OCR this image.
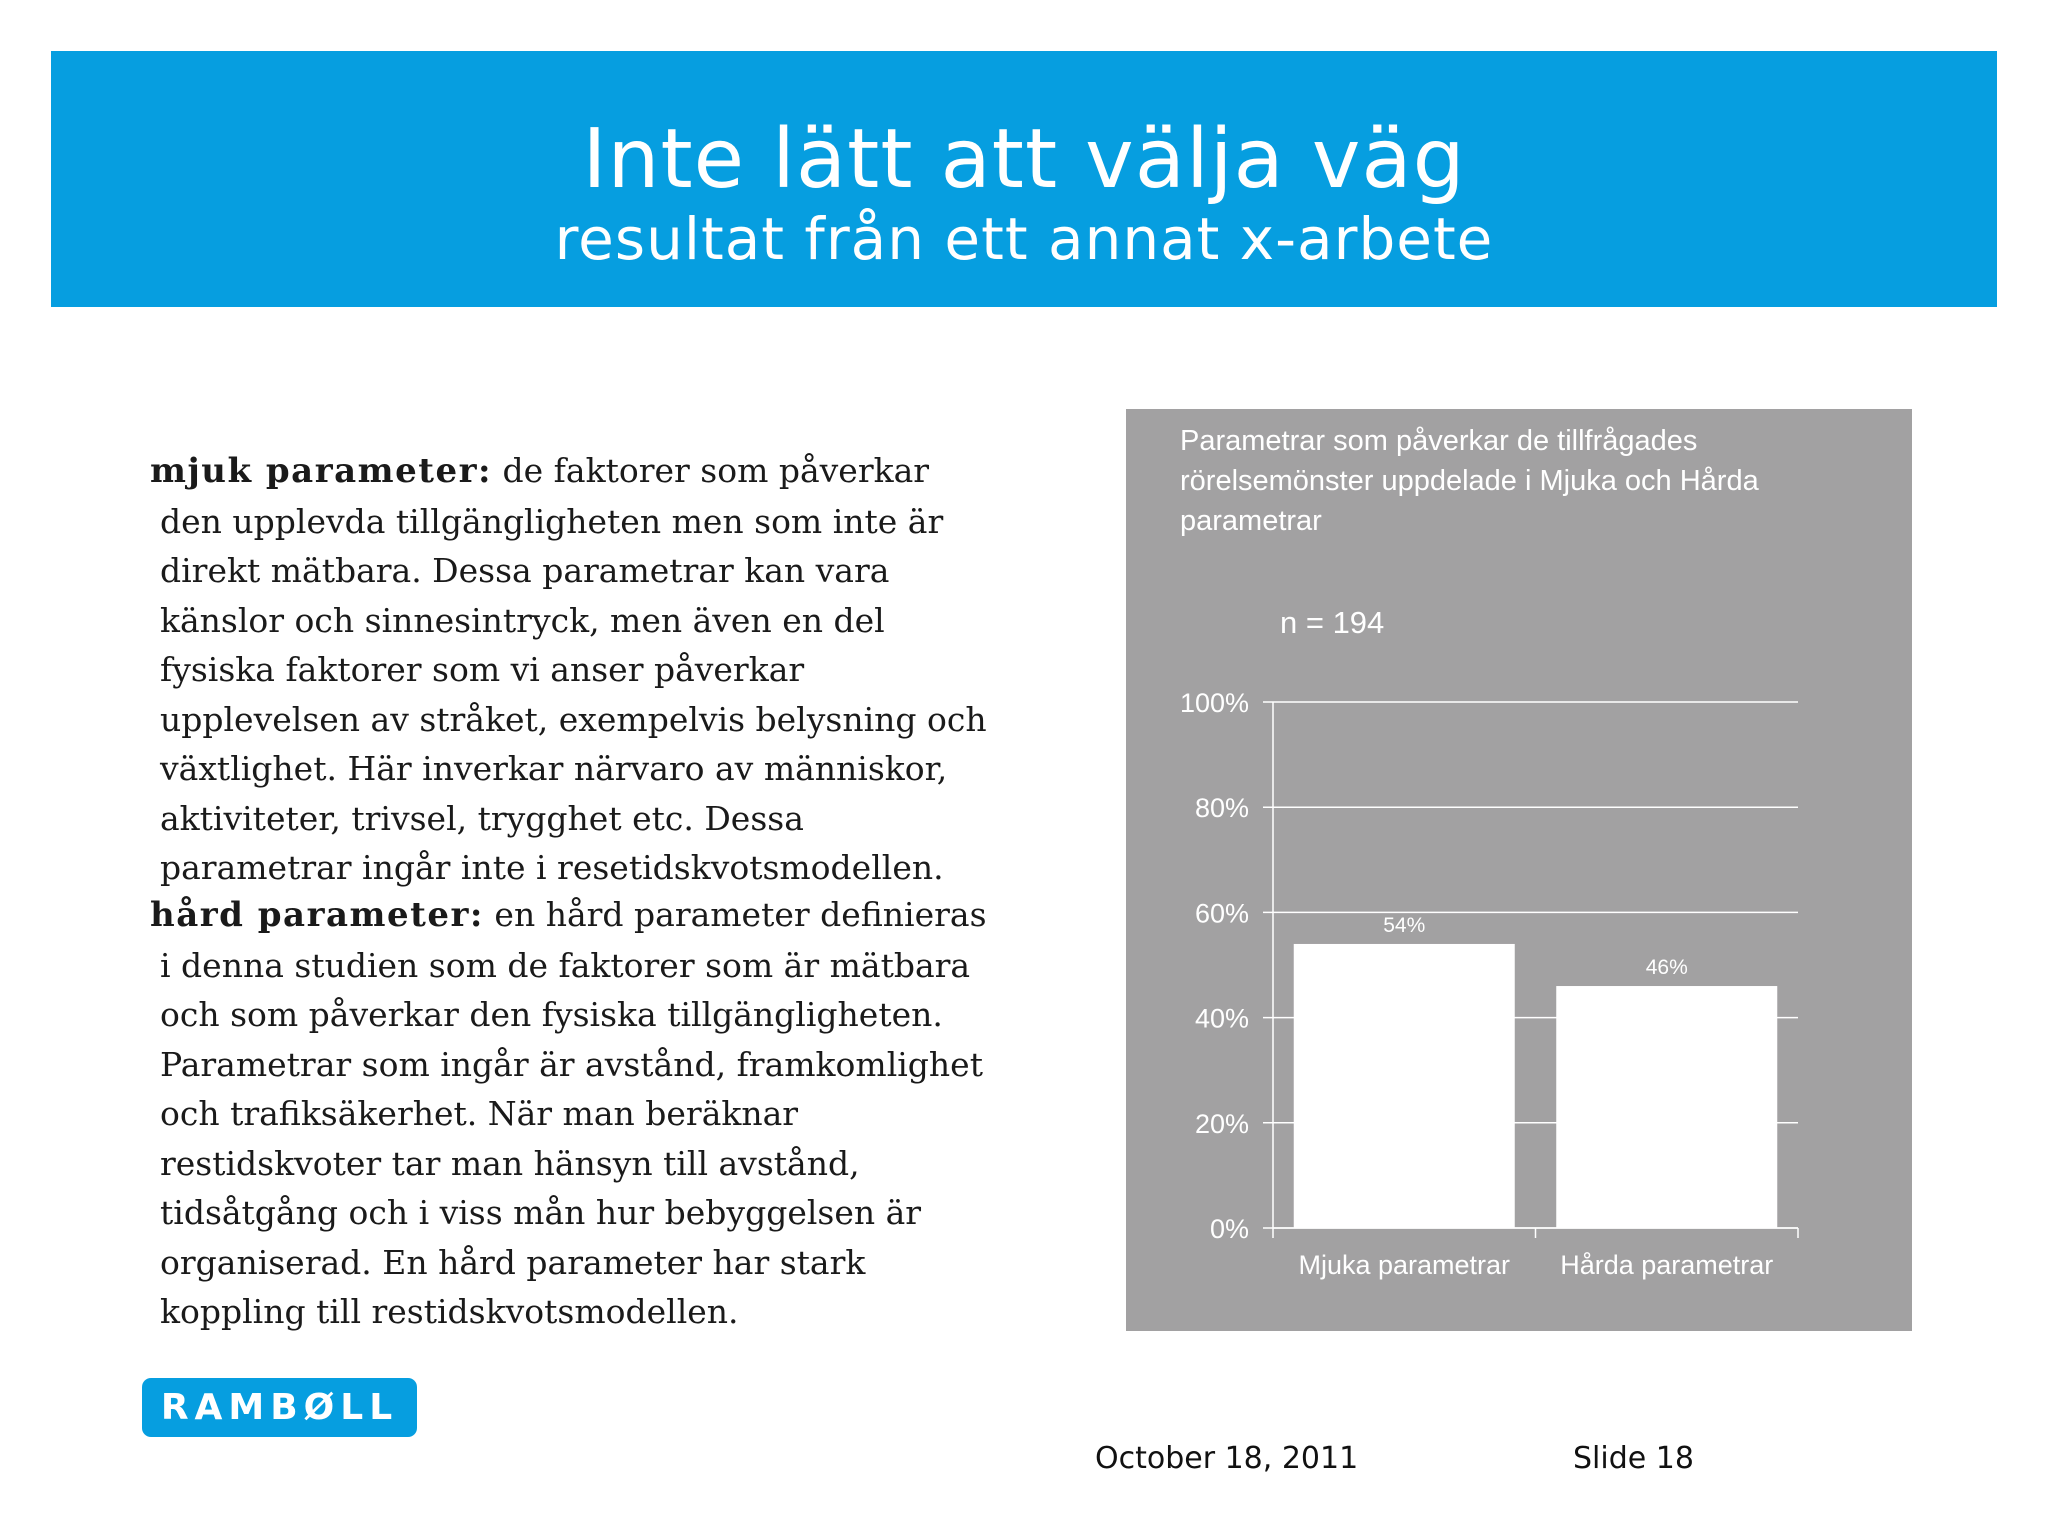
Inte lätt att välja väg
resultat från ett annat x-arbete

mjuk parameter: de faktorer som påverkar den upplevda tillgängligheten men som inte är direkt mätbara. Dessa parametrar kan vara känslor och sinnesintryck, men även en del fysiska faktorer som vi anser påverkar upplevelsen av stråket, exempelvis belysning och växtlighet. Här inverkar närvaro av människor, aktiviteter, trivsel, trygghet etc. Dessa parametrar ingår inte i resetidskvotsmodellen.

hård parameter: en hård parameter definieras i denna studien som de faktorer som är mätbara och som påverkar den fysiska tillgängligheten. Parametrar som ingår är avstånd, framkomlighet och trafiksäkerhet. När man beräknar restidskvoter tar man hänsyn till avstånd, tidsåtgång och i viss mån hur bebyggelsen är organiserad. En hård parameter har stark koppling till restidskvotsmodellen.

Parametrar som påverkar de tillfrågades rörelsemönster uppdelade i Mjuka och Hårda parametrar
n = 194
0%
20%
40%
60%
80%
100%
54%
Mjuka parametrar
46%
Hårda parametrar
RAMBØLL
October 18, 2011	Slide 18
